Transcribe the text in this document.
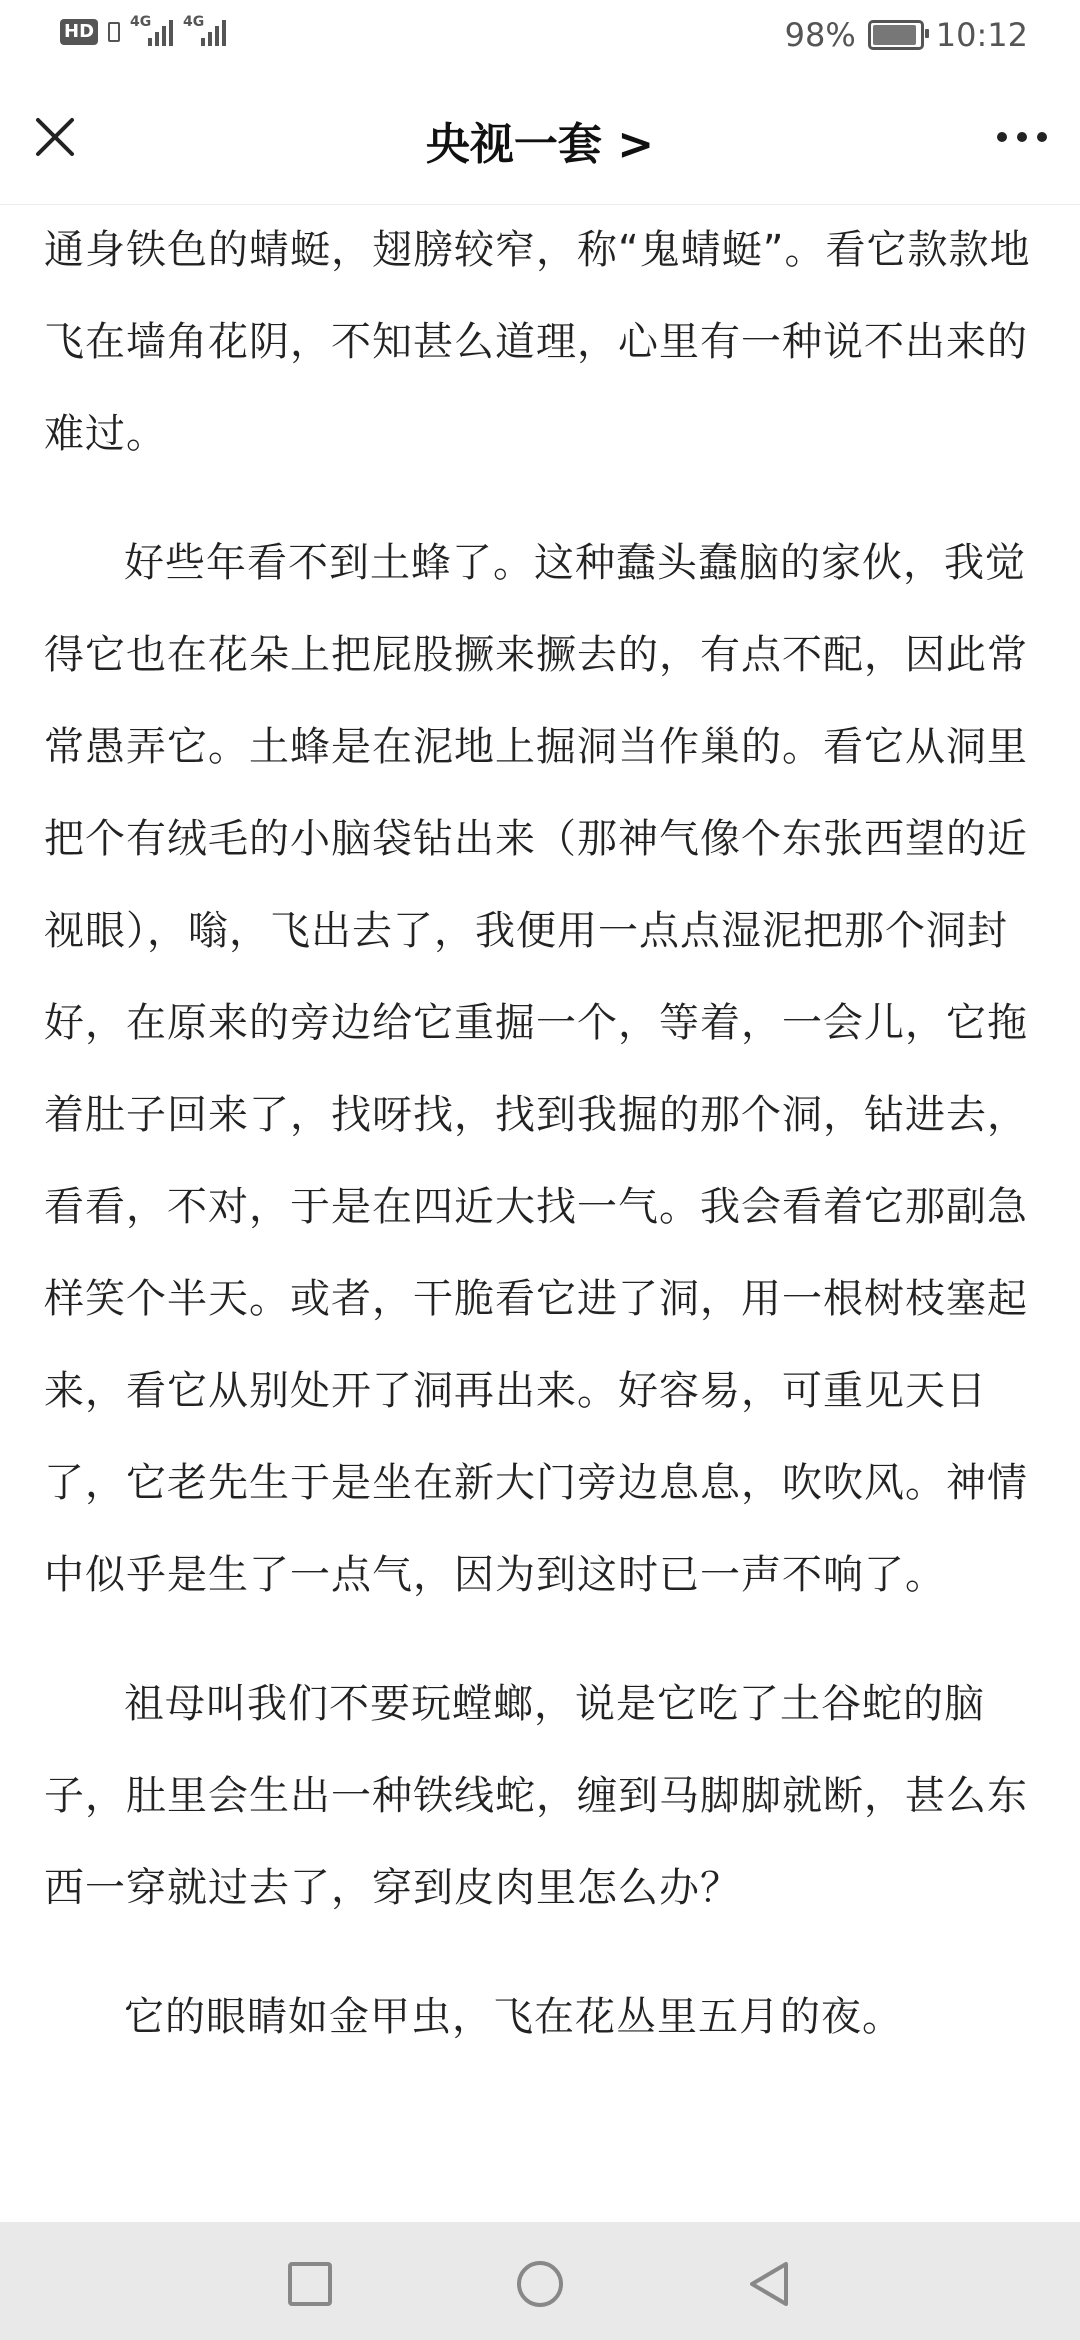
HD	4G 4G	98%	10:12
央视一套 >

通身铁色的蜻蜓，翅膀较窄，称“鬼蜻蜓”。看它款款地飞在墙角花阴，不知甚么道理，心里有一种说不出来的难过。

好些年看不到土蜂了。这种蠢头蠢脑的家伙，我觉得它也在花朵上把屁股撅来撅去的，有点不配，因此常常愚弄它。土蜂是在泥地上掘洞当作巢的。看它从洞里把个有绒毛的小脑袋钻出来（那神气像个东张西望的近视眼），嗡，飞出去了，我便用一点点湿泥把那个洞封好，在原来的旁边给它重掘一个，等着，一会儿，它拖着肚子回来了，找呀找，找到我掘的那个洞，钻进去，看看，不对，于是在四近大找一气。我会看着它那副急样笑个半天。或者，干脆看它进了洞，用一根树枝塞起来，看它从别处开了洞再出来。好容易，可重见天日了，它老先生于是坐在新大门旁边息息，吹吹风。神情中似乎是生了一点气，因为到这时已一声不响了。

祖母叫我们不要玩螳螂，说是它吃了土谷蛇的脑子，肚里会生出一种铁线蛇，缠到马脚脚就断，甚么东西一穿就过去了，穿到皮肉里怎么办？

它的眼睛如金甲虫，飞在花丛里五月的夜。
